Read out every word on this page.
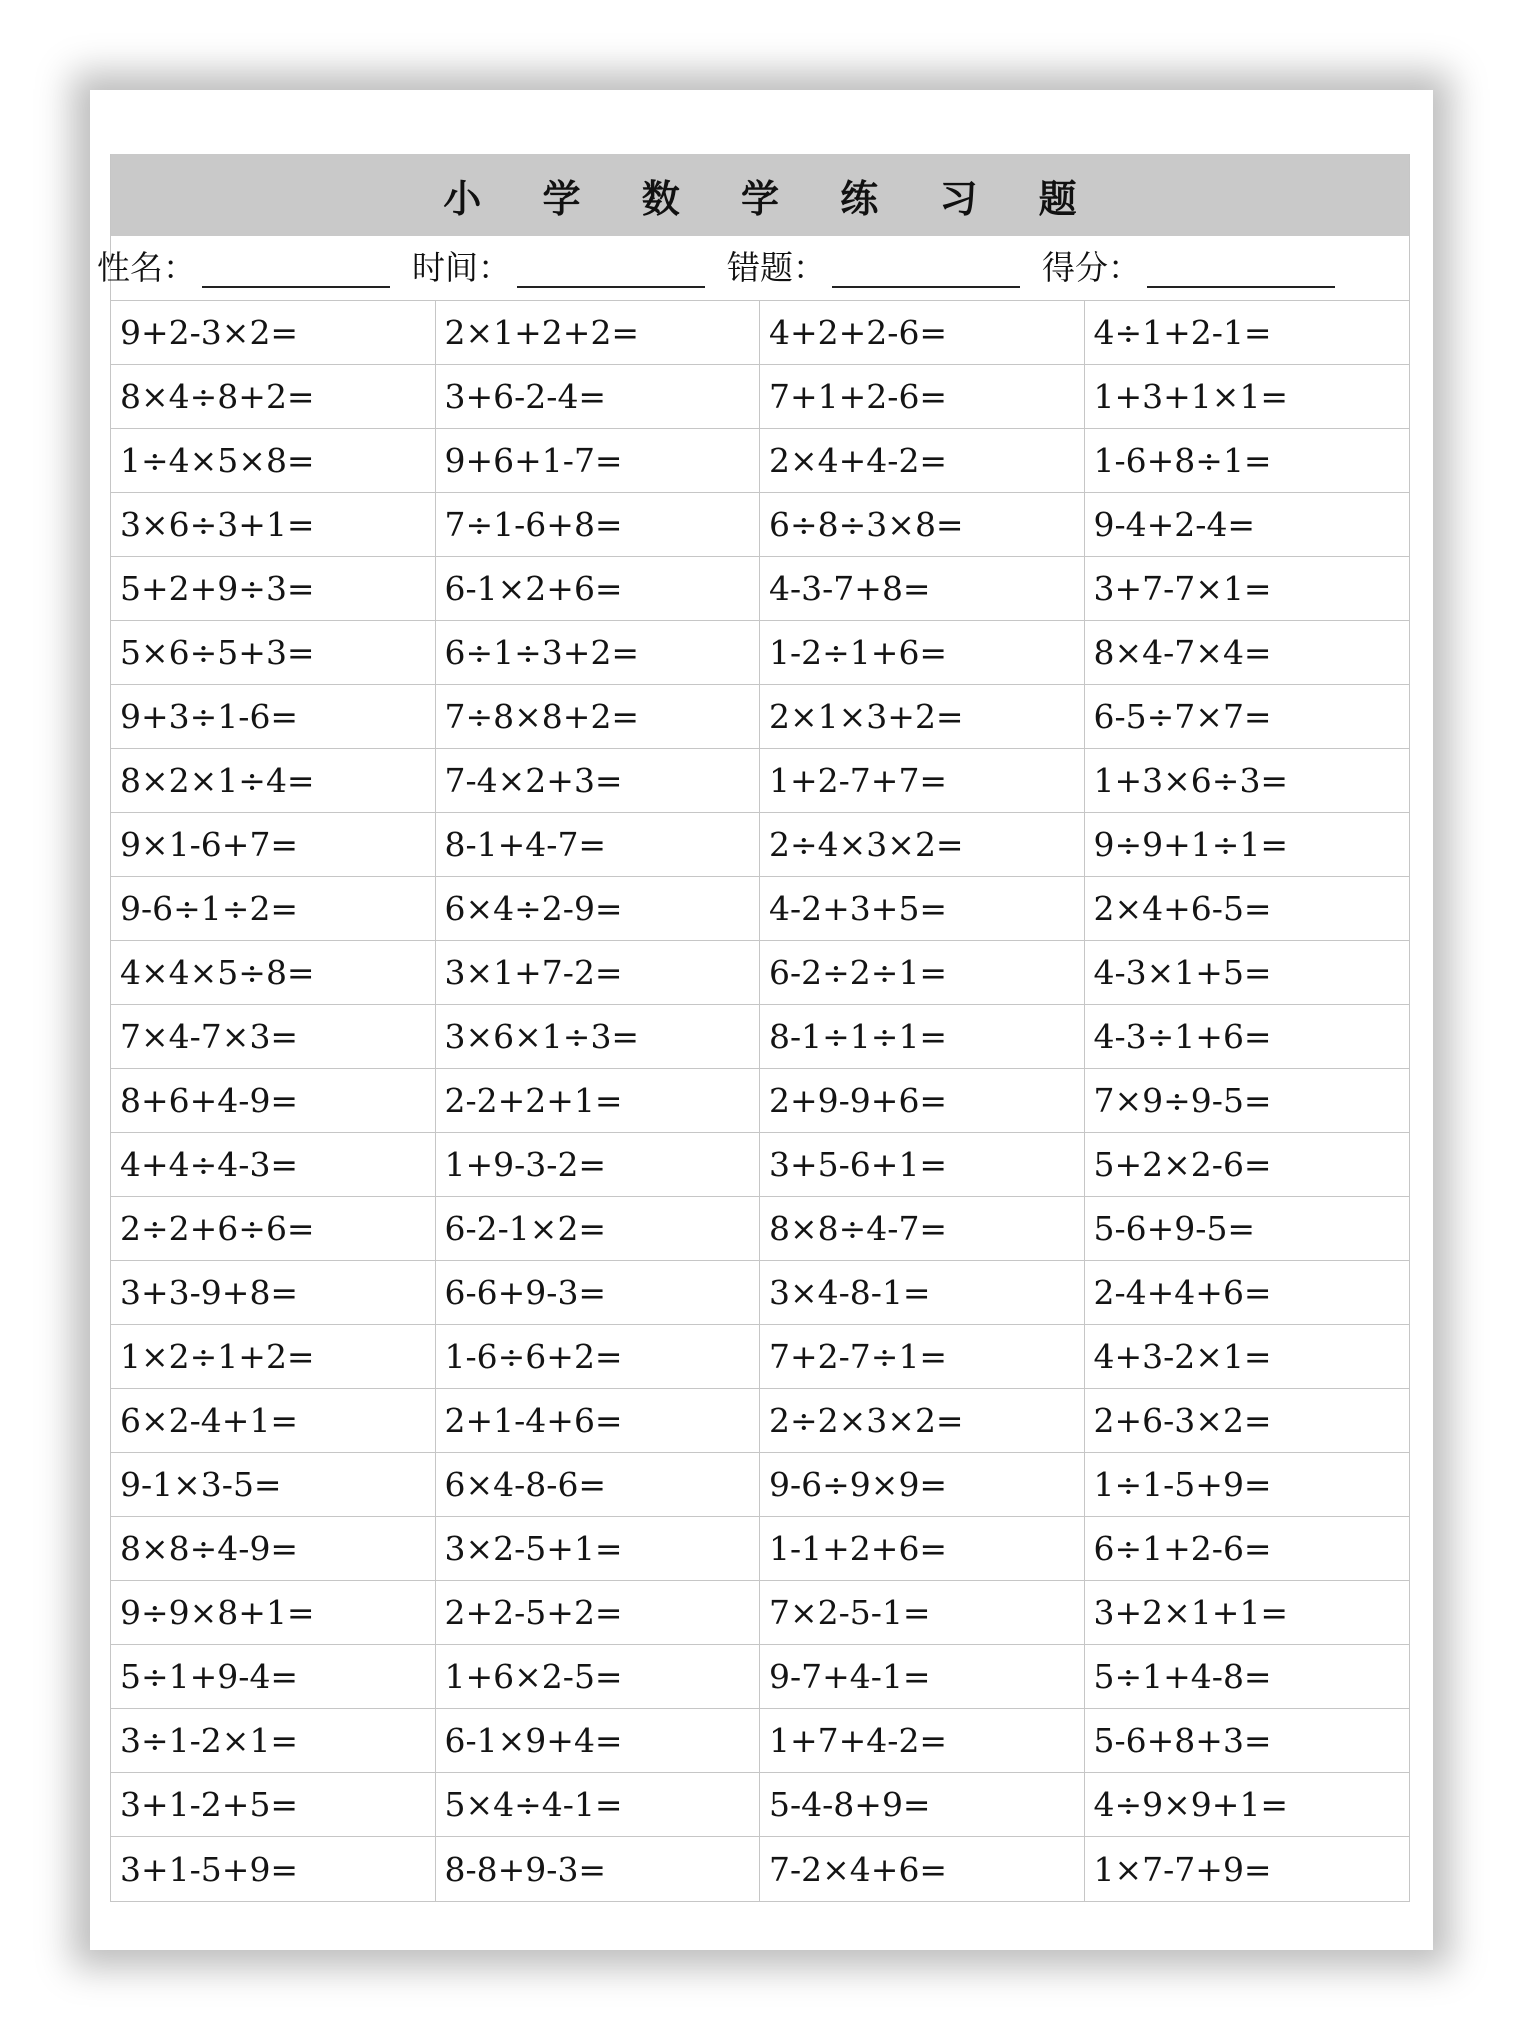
小 学 数 学 练 习 题
性名：	时间：	错题：	得分：
9+2-3×2=	2×1+2+2=	4+2+2-6=	4÷1+2-1=
8×4÷8+2=	3+6-2-4=	7+1+2-6=	1+3+1×1=
1÷4×5×8=	9+6+1-7=	2×4+4-2=	1-6+8÷1=
3×6÷3+1=	7÷1-6+8=	6÷8÷3×8=	9-4+2-4=
5+2+9÷3=	6-1×2+6=	4-3-7+8=	3+7-7×1=
5×6÷5+3=	6÷1÷3+2=	1-2÷1+6=	8×4-7×4=
9+3÷1-6=	7÷8×8+2=	2×1×3+2=	6-5÷7×7=
8×2×1÷4=	7-4×2+3=	1+2-7+7=	1+3×6÷3=
9×1-6+7=	8-1+4-7=	2÷4×3×2=	9÷9+1÷1=
9-6÷1÷2=	6×4÷2-9=	4-2+3+5=	2×4+6-5=
4×4×5÷8=	3×1+7-2=	6-2÷2÷1=	4-3×1+5=
7×4-7×3=	3×6×1÷3=	8-1÷1÷1=	4-3÷1+6=
8+6+4-9=	2-2+2+1=	2+9-9+6=	7×9÷9-5=
4+4÷4-3=	1+9-3-2=	3+5-6+1=	5+2×2-6=
2÷2+6÷6=	6-2-1×2=	8×8÷4-7=	5-6+9-5=
3+3-9+8=	6-6+9-3=	3×4-8-1=	2-4+4+6=
1×2÷1+2=	1-6÷6+2=	7+2-7÷1=	4+3-2×1=
6×2-4+1=	2+1-4+6=	2÷2×3×2=	2+6-3×2=
9-1×3-5=	6×4-8-6=	9-6÷9×9=	1÷1-5+9=
8×8÷4-9=	3×2-5+1=	1-1+2+6=	6÷1+2-6=
9÷9×8+1=	2+2-5+2=	7×2-5-1=	3+2×1+1=
5÷1+9-4=	1+6×2-5=	9-7+4-1=	5÷1+4-8=
3÷1-2×1=	6-1×9+4=	1+7+4-2=	5-6+8+3=
3+1-2+5=	5×4÷4-1=	5-4-8+9=	4÷9×9+1=
3+1-5+9=	8-8+9-3=	7-2×4+6=	1×7-7+9=
